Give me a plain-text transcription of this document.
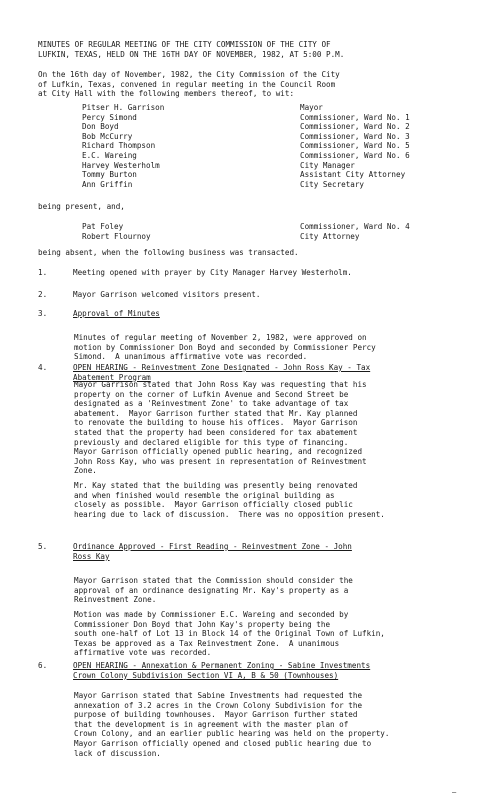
MINUTES OF REGULAR MEETING OF THE CITY COMMISSION OF THE CITY OF
LUFKIN, TEXAS, HELD ON THE 16TH DAY OF NOVEMBER, 1982, AT 5:00 P.M.
On the 16th day of November, 1982, the City Commission of the City
of Lufkin, Texas, convened in regular meeting in the Council Room
at City Hall with the following members thereof, to wit:
Pitser H. Garrison	Mayor
Percy Simond	Commissioner, Ward No. 1
Don Boyd	Commissioner, Ward No. 2
Bob McCurry	Commissioner, Ward No. 3
Richard Thompson	Commissioner, Ward No. 5
E.C. Wareing	Commissioner, Ward No. 6
Harvey Westerholm	City Manager
Tommy Burton	Assistant City Attorney
Ann Griffin	City Secretary
being present, and,
Pat Foley	Commissioner, Ward No. 4
Robert Flournoy	City Attorney
being absent, when the following business was transacted.
1.	Meeting opened with prayer by City Manager Harvey Westerholm.
2.	Mayor Garrison welcomed visitors present.
3.	Approval of Minutes
Minutes of regular meeting of November 2, 1982, were approved on
motion by Commissioner Don Boyd and seconded by Commissioner Percy
Simond.  A unanimous affirmative vote was recorded.
4.	OPEN HEARING - Reinvestment Zone Designated - John Ross Kay - Tax
Abatement Program
Mayor Garrison stated that John Ross Kay was requesting that his
property on the corner of Lufkin Avenue and Second Street be
designated as a 'Reinvestment Zone' to take advantage of tax
abatement.  Mayor Garrison further stated that Mr. Kay planned
to renovate the building to house his offices.  Mayor Garrison
stated that the property had been considered for tax abatement
previously and declared eligible for this type of financing.
Mayor Garrison officially opened public hearing, and recognized
John Ross Kay, who was present in representation of Reinvestment
Zone.
Mr. Kay stated that the building was presently being renovated
and when finished would resemble the original building as
closely as possible.  Mayor Garrison officially closed public
hearing due to lack of discussion.  There was no opposition present.
5.	Ordinance Approved - First Reading - Reinvestment Zone - John
Ross Kay
Mayor Garrison stated that the Commission should consider the
approval of an ordinance designating Mr. Kay's property as a
Reinvestment Zone.
Motion was made by Commissioner E.C. Wareing and seconded by
Commissioner Don Boyd that John Kay's property being the
south one-half of Lot 13 in Block 14 of the Original Town of Lufkin,
Texas be approved as a Tax Reinvestment Zone.  A unanimous
affirmative vote was recorded.
6.	OPEN HEARING - Annexation & Permanent Zoning - Sabine Investments
Crown Colony Subdivision Section VI A, B & 50 (Townhouses)
Mayor Garrison stated that Sabine Investments had requested the
annexation of 3.2 acres in the Crown Colony Subdivision for the
purpose of building townhouses.  Mayor Garrison further stated
that the development is in agreement with the master plan of
Crown Colony, and an earlier public hearing was held on the property.
Mayor Garrison officially opened and closed public hearing due to
lack of discussion.
—
